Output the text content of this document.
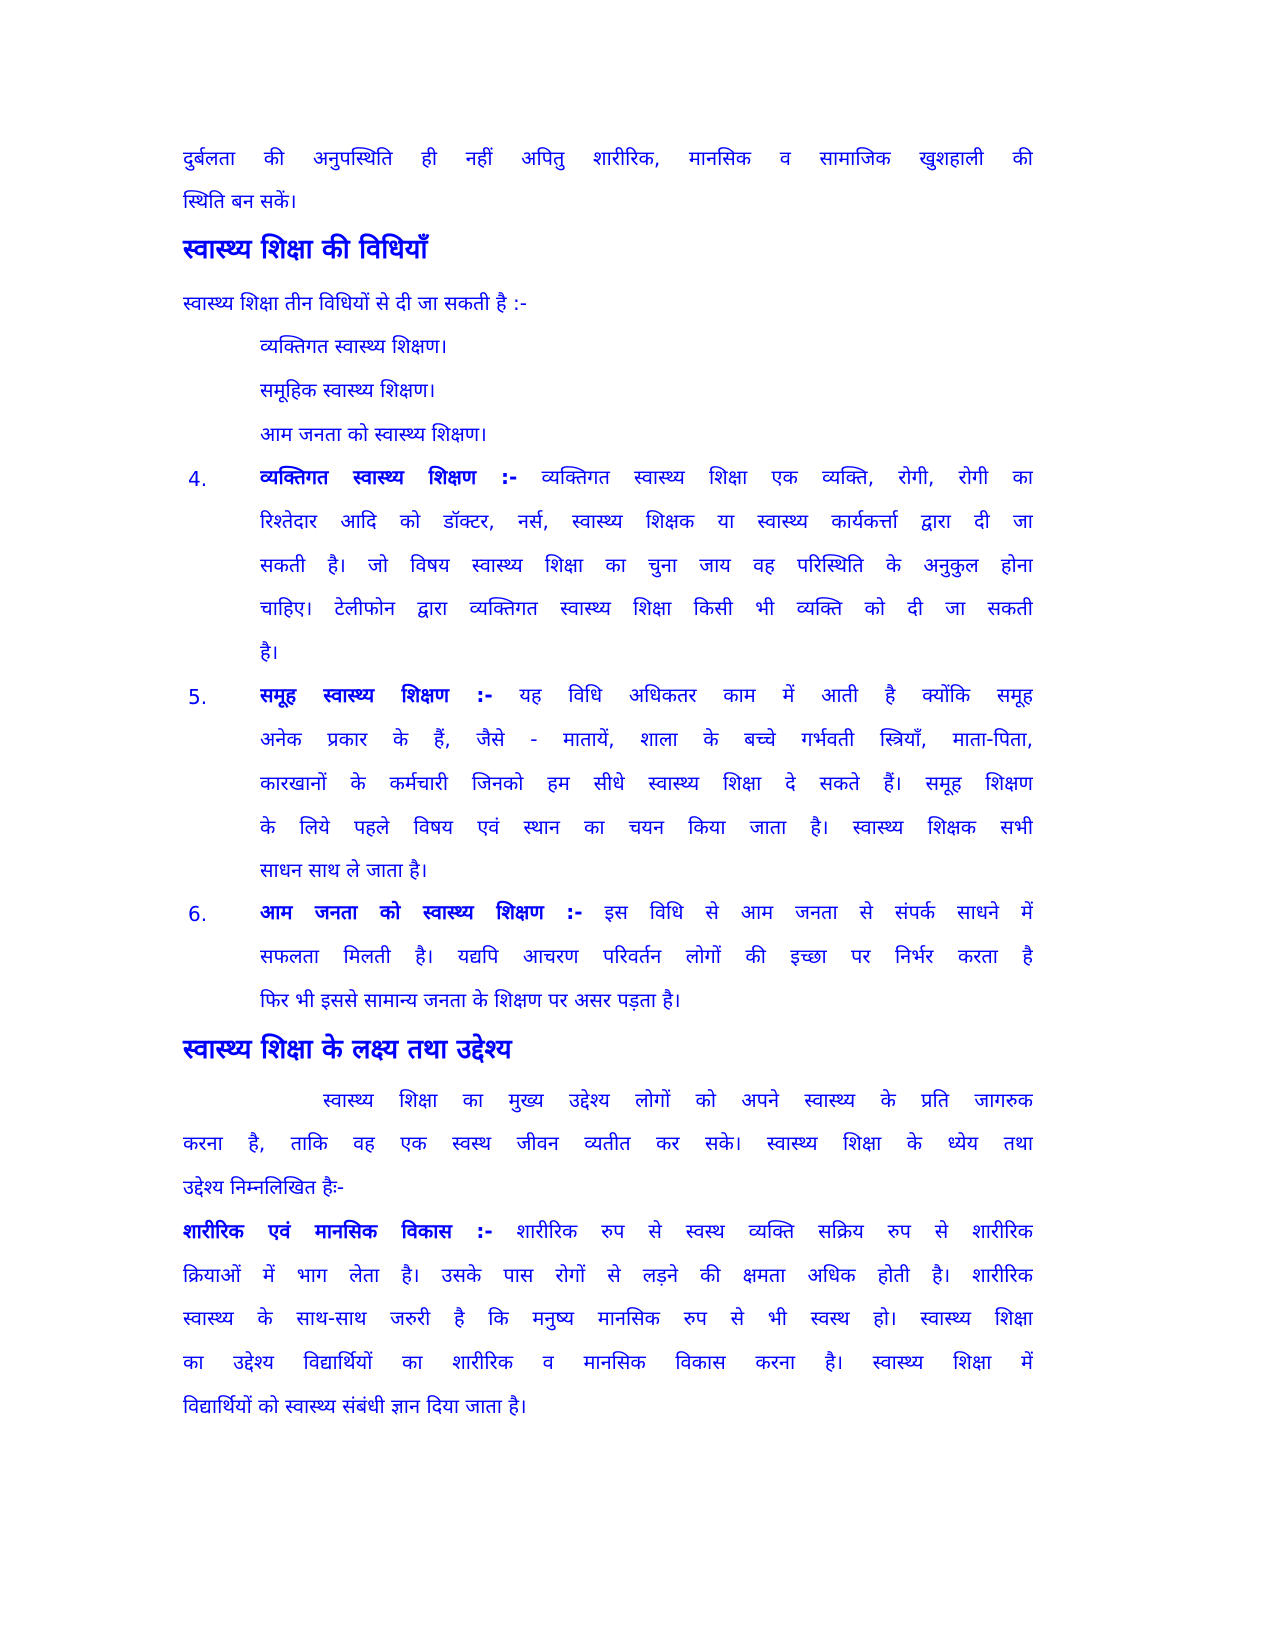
दुर्बलता की अनुपस्थिति ही नहीं अपितु शारीरिक, मानसिक व सामाजिक खुशहाली की
स्थिति बन सकें।
स्वास्थ्य शिक्षा की विधियाँ
स्वास्थ्य शिक्षा तीन विधियों से दी जा सकती है :-
व्यक्तिगत स्वास्थ्य शिक्षण।
समूहिक स्वास्थ्य शिक्षण।
आम जनता को स्वास्थ्य शिक्षण।
4.	व्यक्तिगत स्वास्थ्य शिक्षण :- व्यक्तिगत स्वास्थ्य शिक्षा एक व्यक्ति, रोगी, रोगी का
रिश्तेदार आदि को डॉक्टर, नर्स, स्वास्थ्य शिक्षक या स्वास्थ्य कार्यकर्त्ता द्वारा दी जा
सकती है। जो विषय स्वास्थ्य शिक्षा का चुना जाय वह परिस्थिति के अनुकुल होना
चाहिए। टेलीफोन द्वारा व्यक्तिगत स्वास्थ्य शिक्षा किसी भी व्यक्ति को दी जा सकती
है।
5.	समूह स्वास्थ्य शिक्षण :- यह विधि अधिकतर काम में आती है क्योंकि समूह
अनेक प्रकार के हैं, जैसे - मातायें, शाला के बच्चे गर्भवती स्त्रियाँ, माता-पिता,
कारखानों के कर्मचारी जिनको हम सीधे स्वास्थ्य शिक्षा दे सकते हैं। समूह शिक्षण
के लिये पहले विषय एवं स्थान का चयन किया जाता है। स्वास्थ्य शिक्षक सभी
साधन साथ ले जाता है।
6.	आम जनता को स्वास्थ्य शिक्षण :- इस विधि से आम जनता से संपर्क साधने में
सफलता मिलती है। यद्यपि आचरण परिवर्तन लोगों की इच्छा पर निर्भर करता है
फिर भी इससे सामान्य जनता के शिक्षण पर असर पड़ता है।
स्वास्थ्य शिक्षा के लक्ष्य तथा उद्देश्य
स्वास्थ्य शिक्षा का मुख्य उद्देश्य लोगों को अपने स्वास्थ्य के प्रति जागरुक
करना है, ताकि वह एक स्वस्थ जीवन व्यतीत कर सके। स्वास्थ्य शिक्षा के ध्येय तथा
उद्देश्य निम्नलिखित हैः-
शारीरिक एवं मानसिक विकास :- शारीरिक रुप से स्वस्थ व्यक्ति सक्रिय रुप से शारीरिक
क्रियाओं में भाग लेता है। उसके पास रोगों से लड़ने की क्षमता अधिक होती है। शारीरिक
स्वास्थ्य के साथ-साथ जरुरी है कि मनुष्य मानसिक रुप से भी स्वस्थ हो। स्वास्थ्य शिक्षा
का उद्देश्य विद्यार्थियों का शारीरिक व मानसिक विकास करना है। स्वास्थ्य शिक्षा में
विद्यार्थियों को स्वास्थ्य संबंधी ज्ञान दिया जाता है।
